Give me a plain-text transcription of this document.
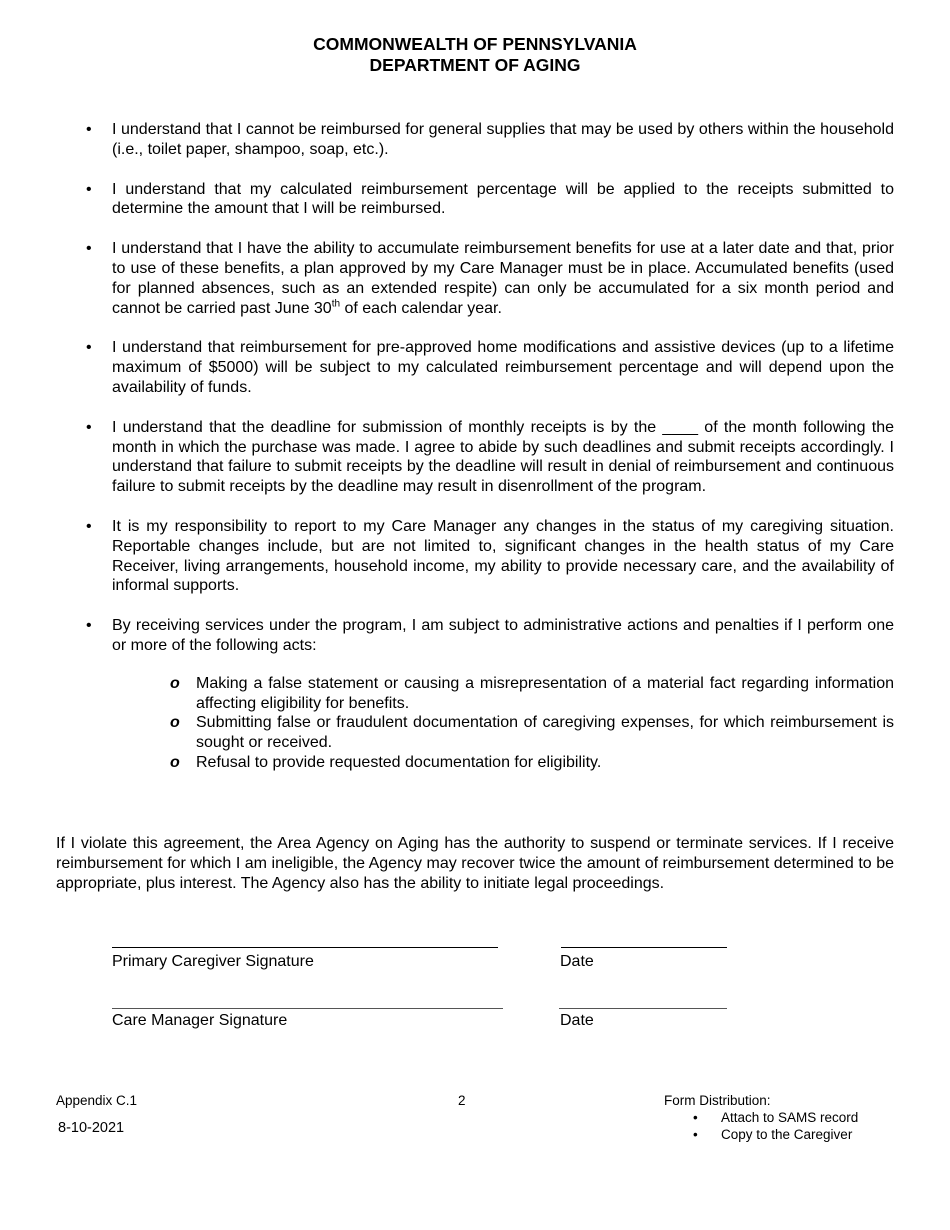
COMMONWEALTH OF PENNSYLVANIA
DEPARTMENT OF AGING
• I understand that I cannot be reimbursed for general supplies that may be used by others within the household (i.e., toilet paper, shampoo, soap, etc.).
• I understand that my calculated reimbursement percentage will be applied to the receipts submitted to determine the amount that I will be reimbursed.
• I understand that I have the ability to accumulate reimbursement benefits for use at a later date and that, prior to use of these benefits, a plan approved by my Care Manager must be in place. Accumulated benefits (used for planned absences, such as an extended respite) can only be accumulated for a six month period and cannot be carried past June 30th of each calendar year.
• I understand that reimbursement for pre-approved home modifications and assistive devices (up to a lifetime maximum of $5000) will be subject to my calculated reimbursement percentage and will depend upon the availability of funds.
• I understand that the deadline for submission of monthly receipts is by the ____ of the month following the month in which the purchase was made. I agree to abide by such deadlines and submit receipts accordingly. I understand that failure to submit receipts by the deadline will result in denial of reimbursement and continuous failure to submit receipts by the deadline may result in disenrollment of the program.
• It is my responsibility to report to my Care Manager any changes in the status of my caregiving situation. Reportable changes include, but are not limited to, significant changes in the health status of my Care Receiver, living arrangements, household income, my ability to provide necessary care, and the availability of informal supports.
• By receiving services under the program, I am subject to administrative actions and penalties if I perform one or more of the following acts:
o Making a false statement or causing a misrepresentation of a material fact regarding information affecting eligibility for benefits.
o Submitting false or fraudulent documentation of caregiving expenses, for which reimbursement is sought or received.
o Refusal to provide requested documentation for eligibility.
If I violate this agreement, the Area Agency on Aging has the authority to suspend or terminate services. If I receive reimbursement for which I am ineligible, the Agency may recover twice the amount of reimbursement determined to be appropriate, plus interest. The Agency also has the ability to initiate legal proceedings.
Primary Caregiver Signature	Date
Care Manager Signature	Date
Appendix C.1
8-10-2021
2	Form Distribution:
• Attach to SAMS record
• Copy to the Caregiver
